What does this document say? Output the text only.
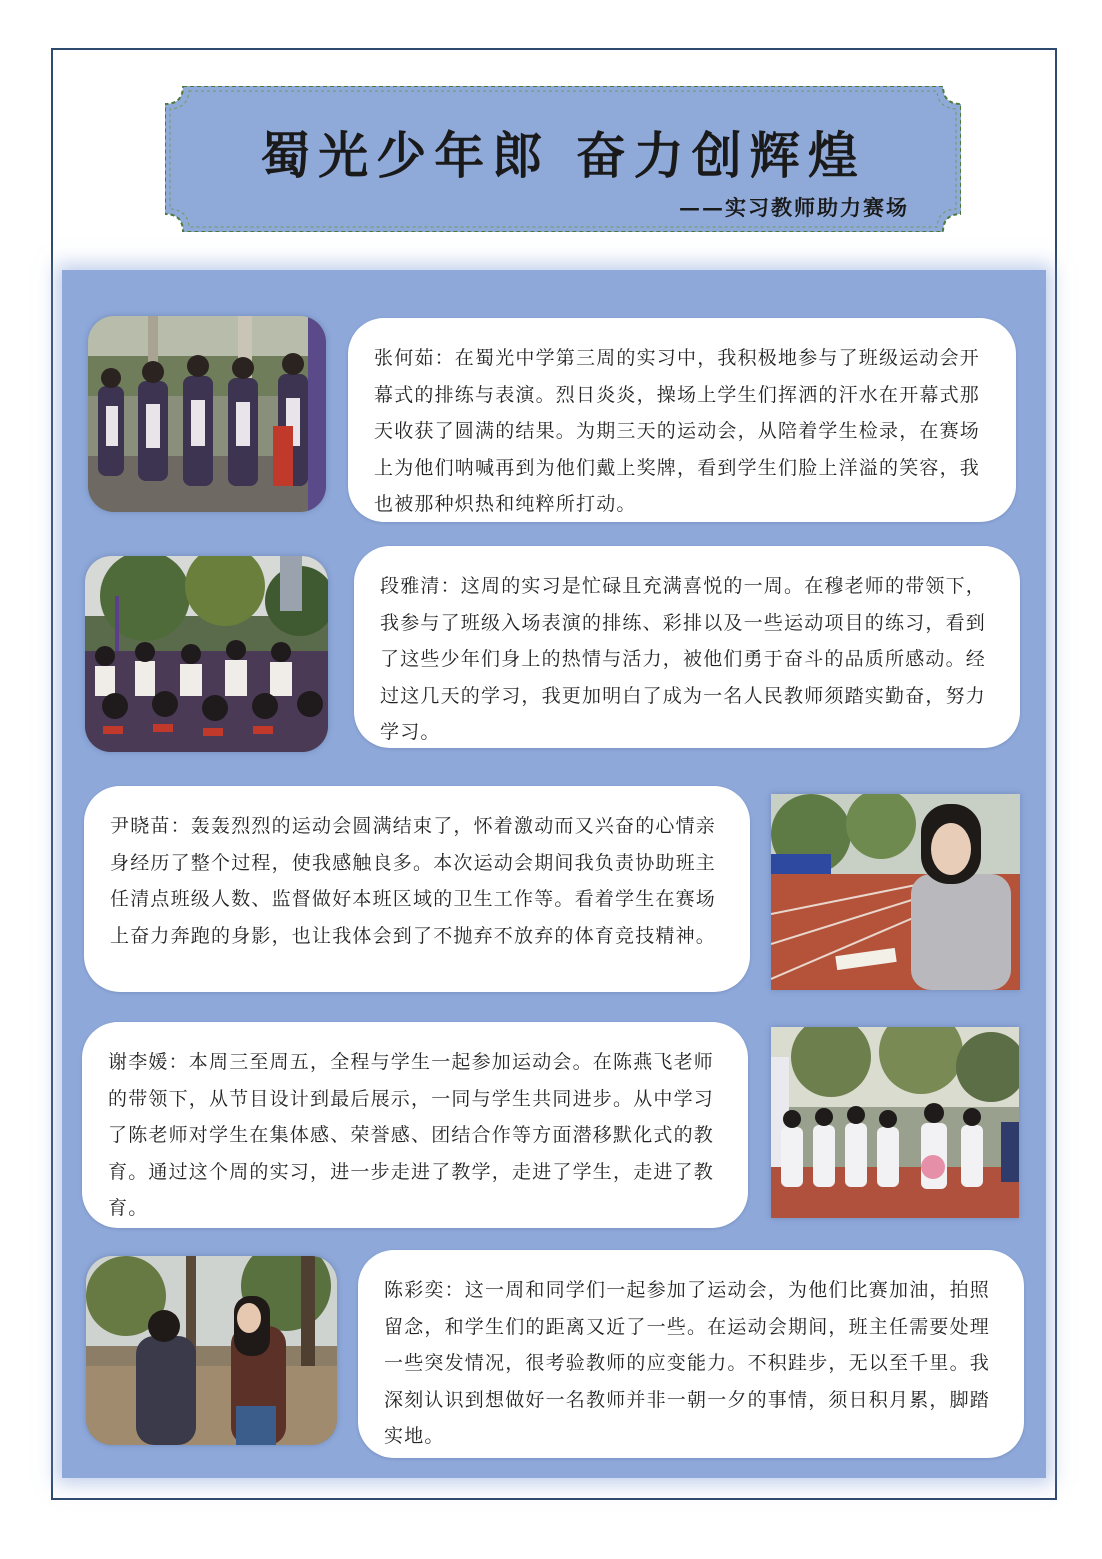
蜀光少年郎 奋力创辉煌
——实习教师助力赛场

张何茹：在蜀光中学第三周的实习中，我积极地参与了班级运动会开幕式的排练与表演。烈日炎炎，操场上学生们挥洒的汗水在开幕式那天收获了圆满的结果。为期三天的运动会，从陪着学生检录，在赛场上为他们呐喊再到为他们戴上奖牌，看到学生们脸上洋溢的笑容，我也被那种炽热和纯粹所打动。

段雅清：这周的实习是忙碌且充满喜悦的一周。在穆老师的带领下，我参与了班级入场表演的排练、彩排以及一些运动项目的练习，看到了这些少年们身上的热情与活力，被他们勇于奋斗的品质所感动。经过这几天的学习，我更加明白了成为一名人民教师须踏实勤奋，努力学习。

尹晓苗：轰轰烈烈的运动会圆满结束了，怀着激动而又兴奋的心情亲身经历了整个过程，使我感触良多。本次运动会期间我负责协助班主任清点班级人数、监督做好本班区域的卫生工作等。看着学生在赛场上奋力奔跑的身影，也让我体会到了不抛弃不放弃的体育竞技精神。

谢李媛：本周三至周五，全程与学生一起参加运动会。在陈燕飞老师的带领下，从节目设计到最后展示，一同与学生共同进步。从中学习了陈老师对学生在集体感、荣誉感、团结合作等方面潜移默化式的教育。通过这个周的实习，进一步走进了教学，走进了学生，走进了教育。

陈彩奕：这一周和同学们一起参加了运动会，为他们比赛加油，拍照留念，和学生们的距离又近了一些。在运动会期间，班主任需要处理一些突发情况，很考验教师的应变能力。不积跬步，无以至千里。我深刻认识到想做好一名教师并非一朝一夕的事情，须日积月累，脚踏实地。
